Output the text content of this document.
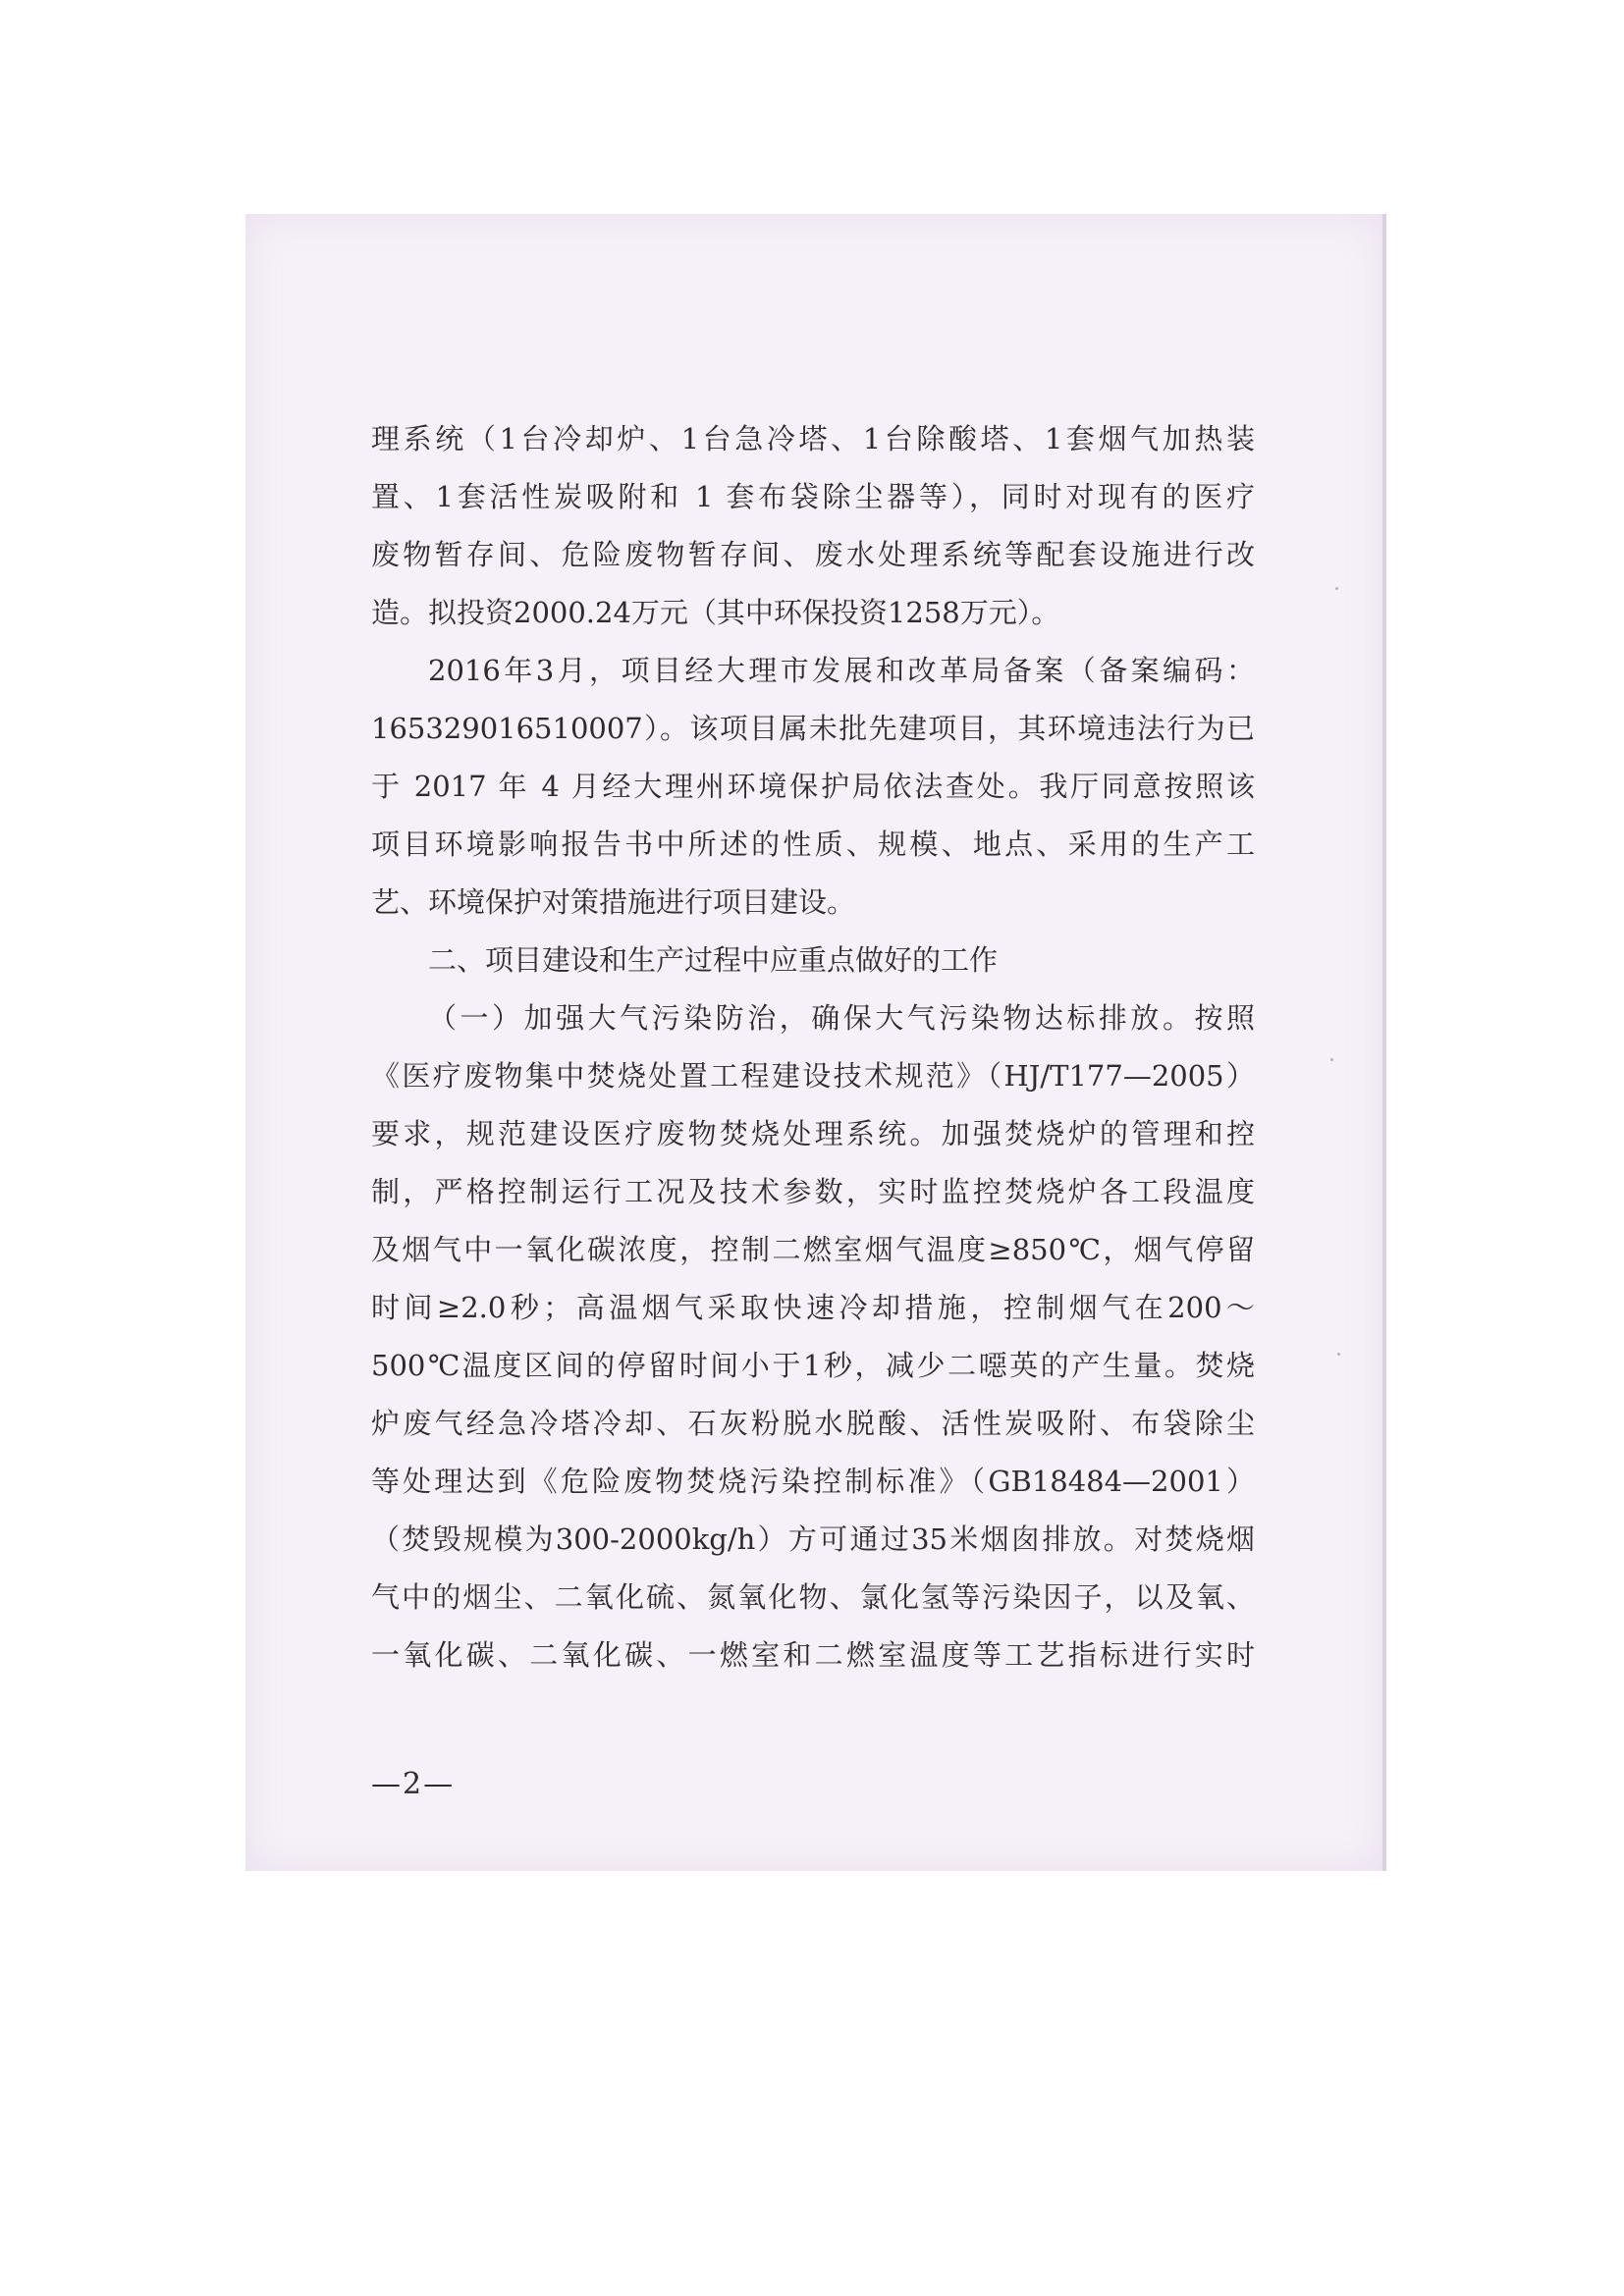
理系统（1台冷却炉、1台急冷塔、1台除酸塔、1套烟气加热装
置、1套活性炭吸附和 1 套布袋除尘器等），同时对现有的医疗
废物暂存间、危险废物暂存间、废水处理系统等配套设施进行改
造。拟投资2000.24万元（其中环保投资1258万元）。
2016年3月，项目经大理市发展和改革局备案（备案编码：
165329016510007）。该项目属未批先建项目，其环境违法行为已
于 2017 年 4 月经大理州环境保护局依法查处。我厅同意按照该
项目环境影响报告书中所述的性质、规模、地点、采用的生产工
艺、环境保护对策措施进行项目建设。
二、项目建设和生产过程中应重点做好的工作
（一）加强大气污染防治，确保大气污染物达标排放。按照
《医疗废物集中焚烧处置工程建设技术规范》（HJ/T177—2005）
要求，规范建设医疗废物焚烧处理系统。加强焚烧炉的管理和控
制，严格控制运行工况及技术参数，实时监控焚烧炉各工段温度
及烟气中一氧化碳浓度，控制二燃室烟气温度≥850℃，烟气停留
时间≥2.0秒；高温烟气采取快速冷却措施，控制烟气在200～
500℃温度区间的停留时间小于1秒，减少二噁英的产生量。焚烧
炉废气经急冷塔冷却、石灰粉脱水脱酸、活性炭吸附、布袋除尘
等处理达到《危险废物焚烧污染控制标准》（GB18484—2001）
（焚毁规模为300-2000kg/h）方可通过35米烟囱排放。对焚烧烟
气中的烟尘、二氧化硫、氮氧化物、氯化氢等污染因子，以及氧、
一氧化碳、二氧化碳、一燃室和二燃室温度等工艺指标进行实时
—2—
